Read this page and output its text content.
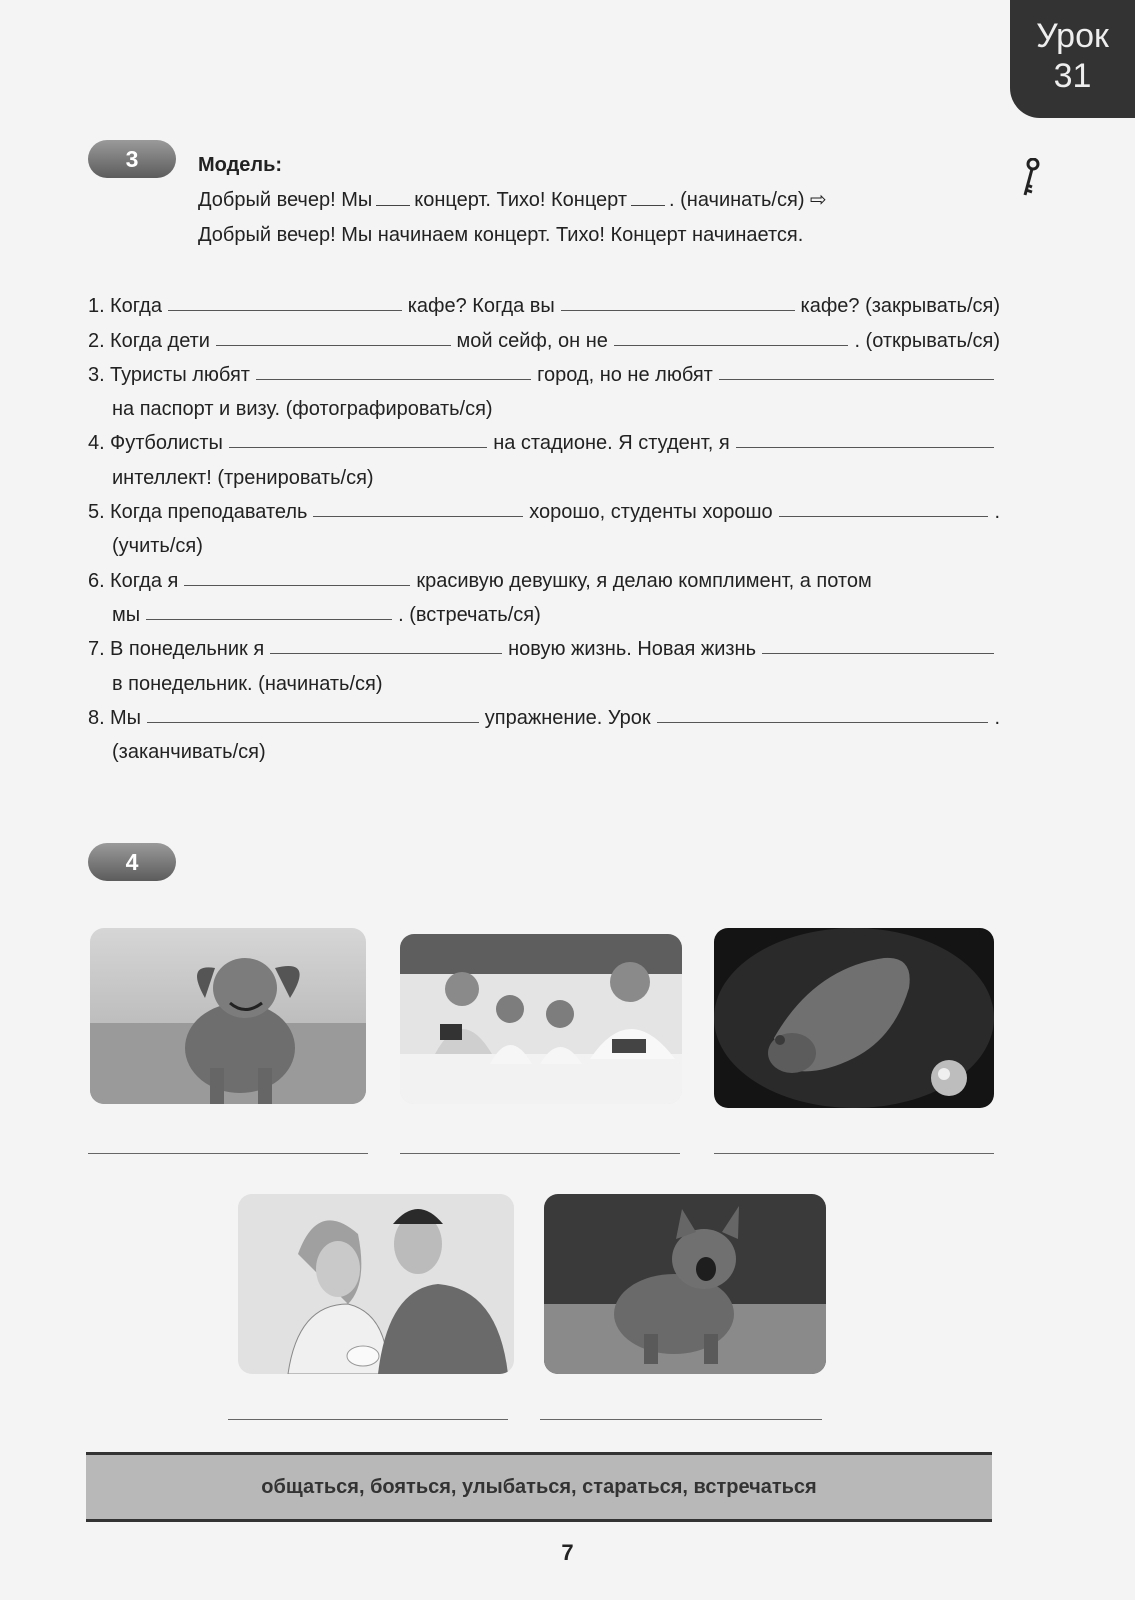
Урок
31
3	Модель:
Добрый вечер! Мы концерт. Тихо! Концерт . (начинать/ся) ⇨
Добрый вечер! Мы начинаем концерт. Тихо! Концерт начинается.
1. Когда	кафе? Когда вы	кафе? (закрывать/ся)
2. Когда дети	мой сейф, он не	. (открывать/ся)
3. Туристы любят	город, но не любят
на паспорт и визу. (фотографировать/ся)
4. Футболисты	на стадионе. Я студент, я
интеллект! (тренировать/ся)
5. Когда преподаватель	хорошо, студенты хорошо	.
(учить/ся)
6. Когда я	красивую девушку, я делаю комплимент, а потом
мы	. (встречать/ся)
7. В понедельник я	новую жизнь. Новая жизнь
в понедельник. (начинать/ся)
8. Мы	упражнение. Урок	.
(заканчивать/ся)
4
общаться, бояться, улыбаться, стараться, встречаться
7
